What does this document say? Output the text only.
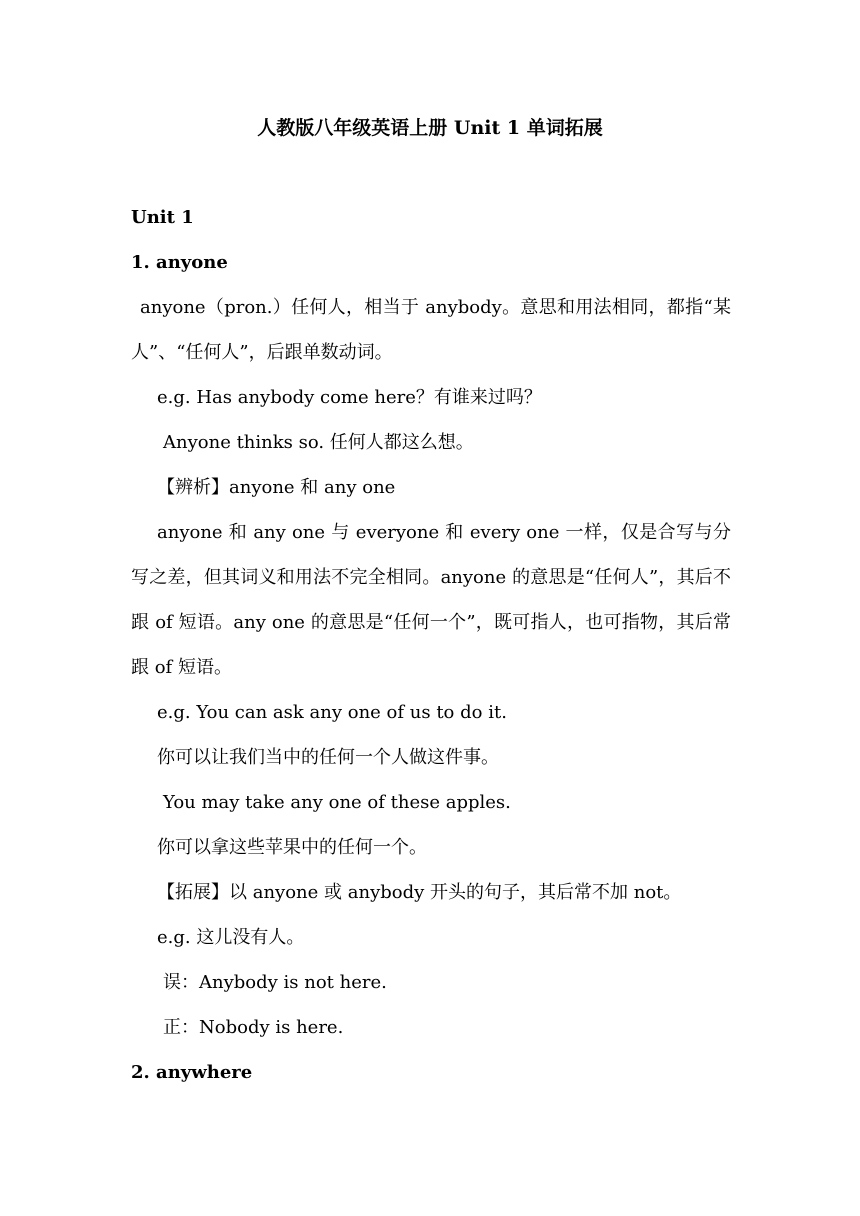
人教版八年级英语上册 Unit 1 单词拓展
Unit 1
1. anyone
anyone（pron.）任何人，相当于 anybody。意思和用法相同，都指“某人”、“任何人”，后跟单数动词。
e.g. Has anybody come here？有谁来过吗？
Anyone thinks so. 任何人都这么想。
【辨析】anyone 和 any one
anyone 和 any one 与 everyone 和 every one 一样，仅是合写与分写之差，但其词义和用法不完全相同。anyone 的意思是“任何人”，其后不跟 of 短语。any one 的意思是“任何一个”，既可指人，也可指物，其后常跟 of 短语。
e.g. You can ask any one of us to do it.
你可以让我们当中的任何一个人做这件事。
You may take any one of these apples.
你可以拿这些苹果中的任何一个。
【拓展】以 anyone 或 anybody 开头的句子，其后常不加 not。
e.g. 这儿没有人。
误：Anybody is not here.
正：Nobody is here.
2. anywhere
